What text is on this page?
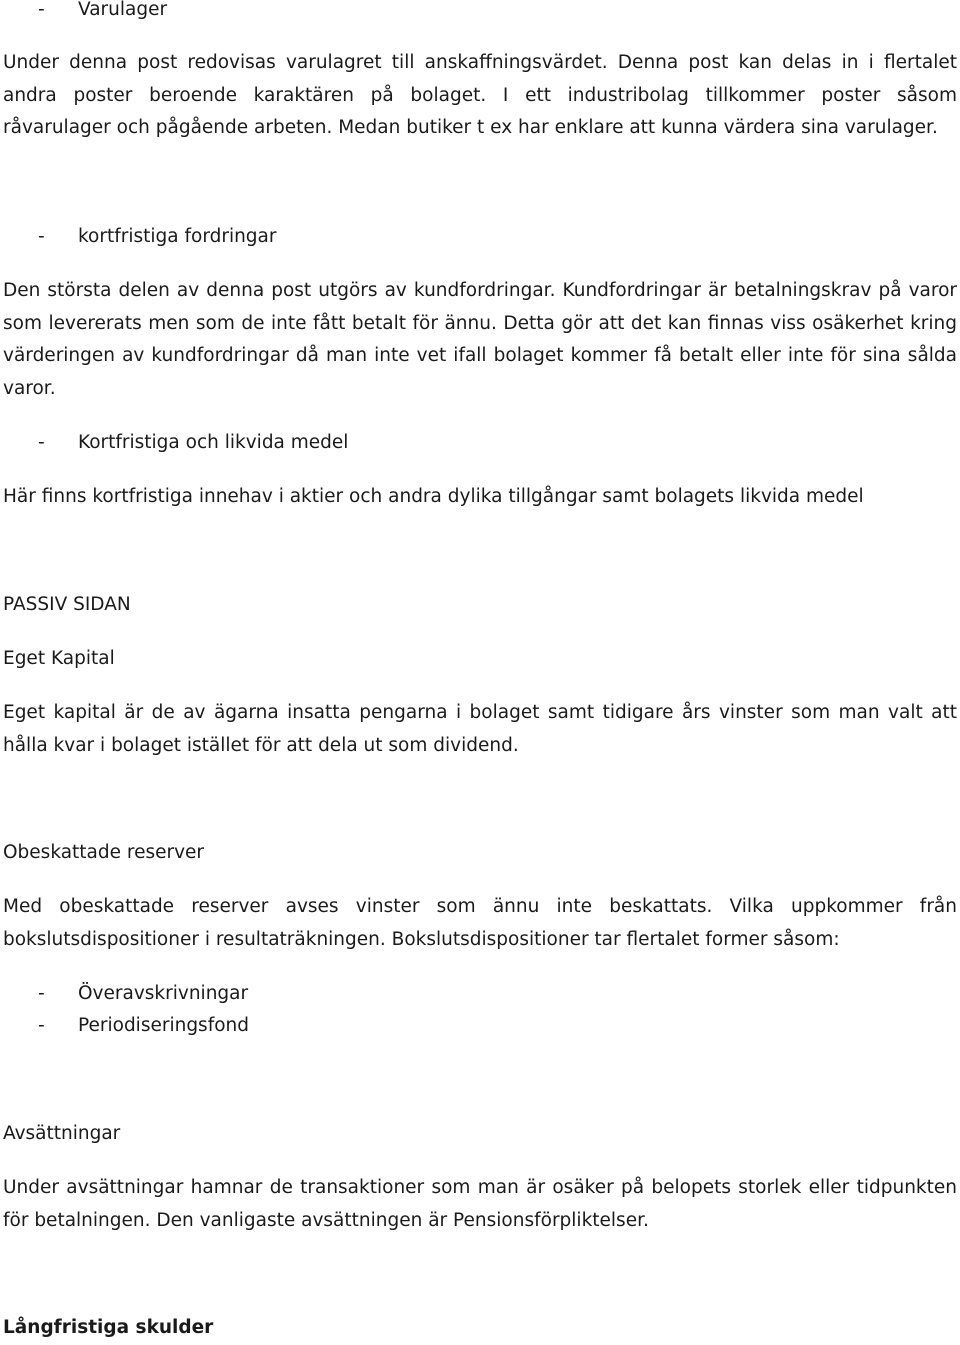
- Varulager
Under denna post redovisas varulagret till anskaffningsvärdet. Denna post kan delas in i flertalet
andra poster beroende karaktären på bolaget. I ett industribolag tillkommer poster såsom
råvarulager och pågående arbeten. Medan butiker t ex har enklare att kunna värdera sina varulager.
- kortfristiga fordringar
Den största delen av denna post utgörs av kundfordringar. Kundfordringar är betalningskrav på varor
som levererats men som de inte fått betalt för ännu. Detta gör att det kan finnas viss osäkerhet kring
värderingen av kundfordringar då man inte vet ifall bolaget kommer få betalt eller inte för sina sålda
varor.
- Kortfristiga och likvida medel
Här finns kortfristiga innehav i aktier och andra dylika tillgångar samt bolagets likvida medel
PASSIV SIDAN
Eget Kapital
Eget kapital är de av ägarna insatta pengarna i bolaget samt tidigare års vinster som man valt att
hålla kvar i bolaget istället för att dela ut som dividend.
Obeskattade reserver
Med obeskattade reserver avses vinster som ännu inte beskattats. Vilka uppkommer från
bokslutsdispositioner i resultaträkningen. Bokslutsdispositioner tar flertalet former såsom:
- Överavskrivningar
- Periodiseringsfond
Avsättningar
Under avsättningar hamnar de transaktioner som man är osäker på belopets storlek eller tidpunkten
för betalningen. Den vanligaste avsättningen är Pensionsförpliktelser.
Långfristiga skulder
